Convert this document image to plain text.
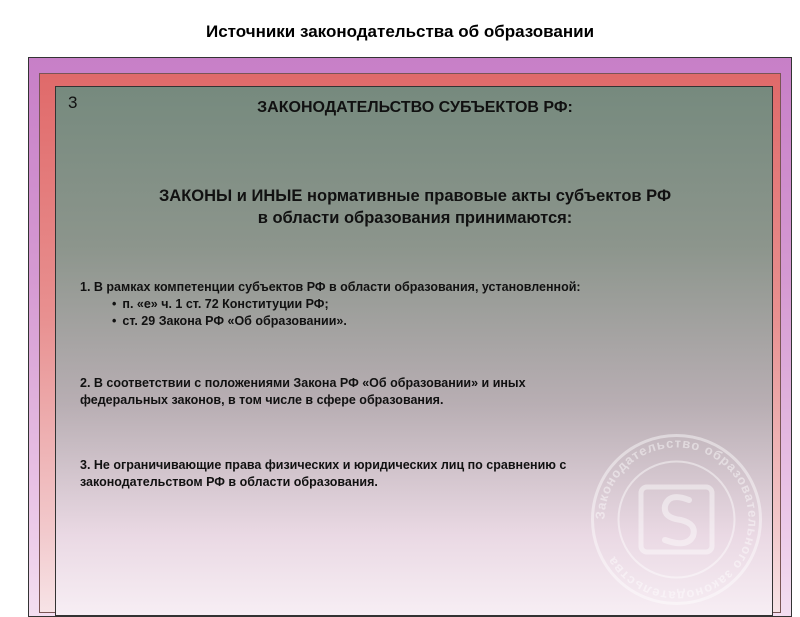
Источники законодательства об образовании
3	ЗАКОНОДАТЕЛЬСТВО СУБЪЕКТОВ РФ:
ЗАКОНЫ и ИНЫЕ нормативные правовые акты субъектов РФ
в области образования принимаются:
1. В рамках компетенции субъектов РФ в области образования, установленной:
• п. «е» ч. 1 ст. 72 Конституции РФ;
• ст. 29 Закона РФ «Об образовании».
2. В соответствии с положениями Закона РФ «Об образовании» и иных
федеральных законов, в том числе в сфере образования.
3. Не ограничивающие права физических и юридических лиц по сравнению с
законодательством РФ в области образования.
Законодательство образовательного законодательства
